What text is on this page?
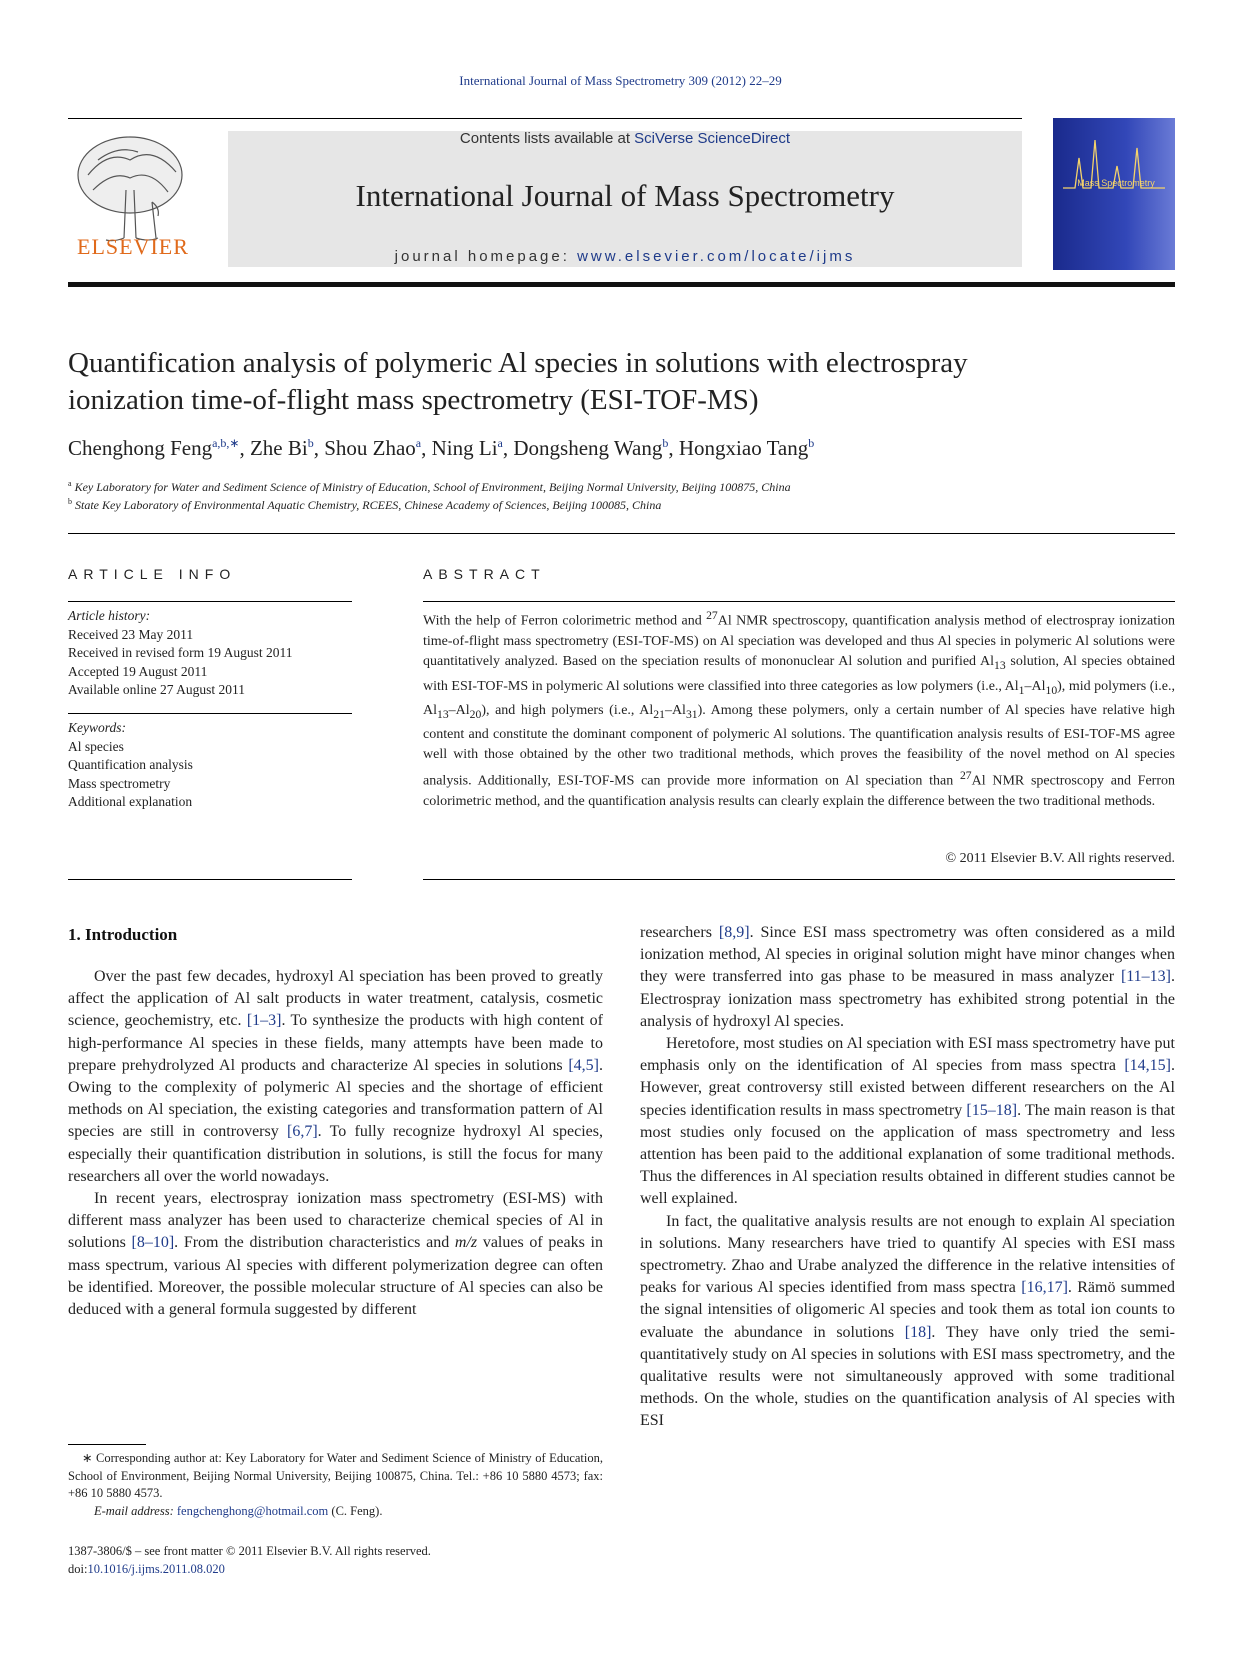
International Journal of Mass Spectrometry 309 (2012) 22–29
ELSEVIER
Contents lists available at SciVerse ScienceDirect
International Journal of Mass Spectrometry
journal homepage: www.elsevier.com/locate/ijms
Mass Spectrometry
Quantification analysis of polymeric Al species in solutions with electrospray
ionization time-of-flight mass spectrometry (ESI-TOF-MS)
Chenghong Feng$^{a,b,∗}$, Zhe Bi$^b$, Shou Zhao$^a$, Ning Li$^a$, Dongsheng Wang$^b$, Hongxiao Tang$^b$
$^a$ Key Laboratory for Water and Sediment Science of Ministry of Education, School of Environment, Beijing Normal University, Beijing 100875, China
$^b$ State Key Laboratory of Environmental Aquatic Chemistry, RCEES, Chinese Academy of Sciences, Beijing 100085, China
ARTICLE INFO
Article history:
Received 23 May 2011
Received in revised form 19 August 2011
Accepted 19 August 2011
Available online 27 August 2011
Keywords:
Al species
Quantification analysis
Mass spectrometry
Additional explanation
ABSTRACT

With the help of Ferron colorimetric method and $^{27}$Al NMR spectroscopy, quantification analysis method of electrospray ionization time-of-flight mass spectrometry (ESI-TOF-MS) on Al speciation was developed and thus Al species in polymeric Al solutions were quantitatively analyzed. Based on the speciation results of mononuclear Al solution and purified $Al_{13}$ solution, Al species obtained with ESI-TOF-MS in polymeric Al solutions were classified into three categories as low polymers (i.e., $Al_1-Al_{10}$), mid polymers (i.e., $Al_{13}-Al_{20}$), and high polymers (i.e., $Al_{21}-Al_{31}$). Among these polymers, only a certain number of Al species have relative high content and constitute the dominant component of polymeric Al solutions. The quantification analysis results of ESI-TOF-MS agree well with those obtained by the other two traditional methods, which proves the feasibility of the novel method on Al species analysis. Additionally, ESI-TOF-MS can provide more information on Al speciation than $^{27}$Al NMR spectroscopy and Ferron colorimetric method, and the quantification analysis results can clearly explain the difference between the two traditional methods.

© 2011 Elsevier B.V. All rights reserved.
1. Introduction

Over the past few decades, hydroxyl Al speciation has been proved to greatly affect the application of Al salt products in water treatment, catalysis, cosmetic science, geochemistry, etc. [1–3]. To synthesize the products with high content of high-performance Al species in these fields, many attempts have been made to prepare prehydrolyzed Al products and characterize Al species in solutions [4,5]. Owing to the complexity of polymeric Al species and the shortage of efficient methods on Al speciation, the existing categories and transformation pattern of Al species are still in controversy [6,7]. To fully recognize hydroxyl Al species, especially their quantification distribution in solutions, is still the focus for many researchers all over the world nowadays.

In recent years, electrospray ionization mass spectrometry (ESI-MS) with different mass analyzer has been used to characterize chemical species of Al in solutions [8–10]. From the distribution characteristics and m/z values of peaks in mass spectrum, various Al species with different polymerization degree can often be identified. Moreover, the possible molecular structure of Al species can also be deduced with a general formula suggested by different

researchers [8,9]. Since ESI mass spectrometry was often considered as a mild ionization method, Al species in original solution might have minor changes when they were transferred into gas phase to be measured in mass analyzer [11–13]. Electrospray ionization mass spectrometry has exhibited strong potential in the analysis of hydroxyl Al species.

Heretofore, most studies on Al speciation with ESI mass spectrometry have put emphasis only on the identification of Al species from mass spectra [14,15]. However, great controversy still existed between different researchers on the Al species identification results in mass spectrometry [15–18]. The main reason is that most studies only focused on the application of mass spectrometry and less attention has been paid to the additional explanation of some traditional methods. Thus the differences in Al speciation results obtained in different studies cannot be well explained.

In fact, the qualitative analysis results are not enough to explain Al speciation in solutions. Many researchers have tried to quantify Al species with ESI mass spectrometry. Zhao and Urabe analyzed the difference in the relative intensities of peaks for various Al species identified from mass spectra [16,17]. Rämö summed the signal intensities of oligomeric Al species and took them as total ion counts to evaluate the abundance in solutions [18]. They have only tried the semi-quantitatively study on Al species in solutions with ESI mass spectrometry, and the qualitative results were not simultaneously approved with some traditional methods. On the whole, studies on the quantification analysis of Al species with ESI

∗ Corresponding author at: Key Laboratory for Water and Sediment Science of Ministry of Education, School of Environment, Beijing Normal University, Beijing 100875, China. Tel.: +86 10 5880 4573; fax: +86 10 5880 4573.

E-mail address: fengchenghong@hotmail.com (C. Feng).

1387-3806/$ – see front matter © 2011 Elsevier B.V. All rights reserved.
doi:10.1016/j.ijms.2011.08.020
